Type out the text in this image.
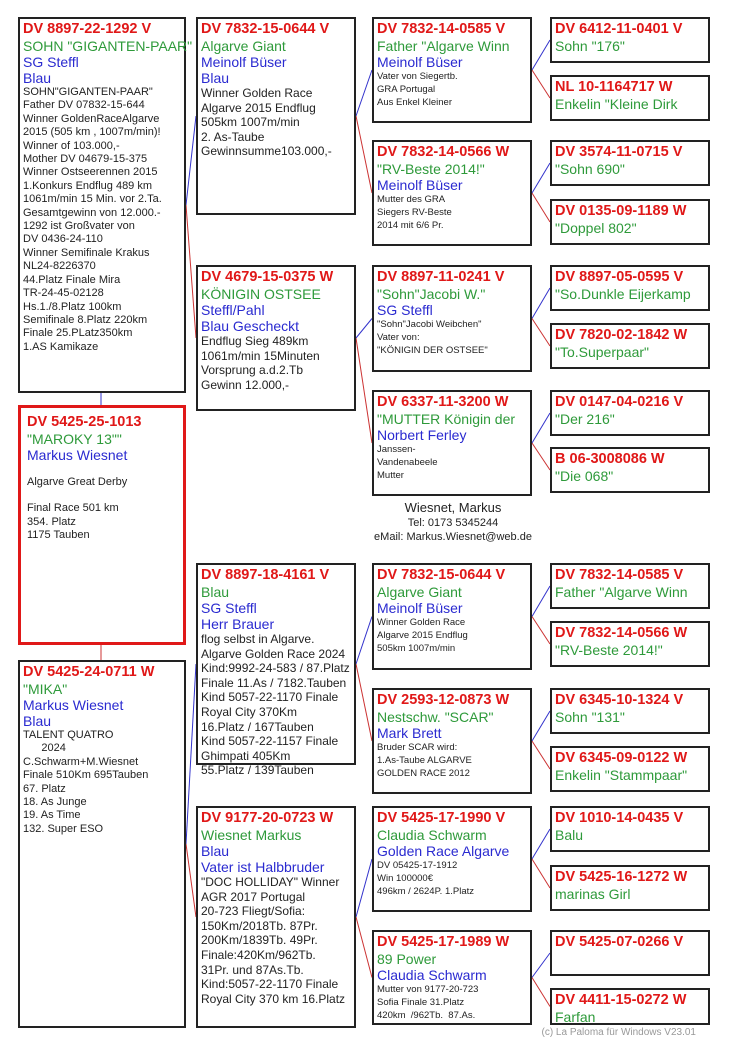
DV 5425-25-1013
"MAROKY 13""
Markus Wiesnet
Algarve Great Derby
Final Race 501 km
354. Platz
1175 Tauben
DV 8897-22-1292 V
SOHN "GIGANTEN-PAAR"
SG Steffl
Blau
SOHN"GIGANTEN-PAAR"
Father DV 07832-15-644
Winner GoldenRaceAlgarve
2015 (505 km , 1007m/min)!
Winner of 103.000,-
Mother DV 04679-15-375
Winner Ostseerennen 2015
1.Konkurs Endflug 489 km
1061m/min 15 Min. vor 2.Ta.
Gesamtgewinn von 12.000.-
1292 ist Großvater von
DV 0436-24-110
Winner Semifinale Krakus
NL24-8226370
44.Platz Finale Mira
TR-24-45-02128
Hs.1./8.Platz 100km
Semifinale 8.Platz 220km
Finale 25.PLatz350km
1.AS Kamikaze
DV 5425-24-0711 W
"MIKA"
Markus Wiesnet
Blau
TALENT QUATRO
2024
C.Schwarm+M.Wiesnet
Finale 510Km 695Tauben
67. Platz
18. As Junge
19. As Time
132. Super ESO
DV 7832-15-0644 V
Algarve Giant
Meinolf Büser
Blau
Winner Golden Race
Algarve 2015 Endflug
505km 1007m/min
2. As-Taube
Gewinnsumme103.000,-
DV 4679-15-0375 W
KÖNIGIN OSTSEE
Steffl/Pahl
Blau Gescheckt
Endflug Sieg 489km
1061m/min 15Minuten
Vorsprung a.d.2.Tb
Gewinn 12.000,-
DV 8897-18-4161 V
Blau
SG Steffl
Herr Brauer
flog selbst in Algarve.
Algarve Golden Race 2024
Kind:9992-24-583 / 87.Platz
Finale 11.As / 7182.Tauben
Kind 5057-22-1170 Finale
Royal City 370Km
16.Platz / 167Tauben
Kind 5057-22-1157 Finale
Ghimpati 405Km
55.Platz / 139Tauben
DV 9177-20-0723 W
Wiesnet Markus
Blau
Vater ist Halbbruder
"DOC HOLLIDAY" Winner
AGR 2017 Portugal
20-723 Fliegt/Sofia:
150Km/2018Tb. 87Pr.
200Km/1839Tb. 49Pr.
Finale:420Km/962Tb.
31Pr. und 87As.Tb.
Kind:5057-22-1170 Finale
Royal City 370 km 16.Platz
DV 7832-14-0585 V
Father "Algarve Winn
Meinolf Büser
Vater von Siegertb.
GRA Portugal
Aus Enkel Kleiner
DV 7832-14-0566 W
"RV-Beste 2014!"
Meinolf Büser
Mutter des GRA
Siegers RV-Beste
2014 mit 6/6 Pr.
DV 8897-11-0241 V
"Sohn"Jacobi W."
SG Steffl
"Sohn"Jacobi Weibchen"
Vater von:
"KÖNIGIN DER OSTSEE"
DV 6337-11-3200 W
"MUTTER Königin der
Norbert Ferley
Janssen-
Vandenabeele
Mutter
DV 7832-15-0644 V
Algarve Giant
Meinolf Büser
Winner Golden Race
Algarve 2015 Endflug
505km 1007m/min
DV 2593-12-0873 W
Nestschw. "SCAR"
Mark Brett
Bruder SCAR wird:
1.As-Taube ALGARVE
GOLDEN RACE 2012
DV 5425-17-1990 V
Claudia Schwarm
Golden Race Algarve
DV 05425-17-1912
Win 100000€
496km / 2624P. 1.Platz
DV 5425-17-1989 W
89 Power
Claudia Schwarm
Mutter von 9177-20-723
Sofia Finale 31.Platz
420km  /962Tb.  87.As.
DV 6412-11-0401 V
Sohn "176"
NL 10-1164717 W
Enkelin "Kleine Dirk
DV 3574-11-0715 V
"Sohn 690"
DV 0135-09-1189 W
"Doppel 802"
DV 8897-05-0595 V
"So.Dunkle Eijerkamp
DV 7820-02-1842 W
"To.Superpaar"
DV 0147-04-0216 V
"Der 216"
B 06-3008086 W
"Die 068"
DV 7832-14-0585 V
Father "Algarve Winn
DV 7832-14-0566 W
"RV-Beste 2014!"
DV 6345-10-1324 V
Sohn "131"
DV 6345-09-0122 W
Enkelin "Stammpaar"
DV 1010-14-0435 V
Balu
DV 5425-16-1272 W
marinas Girl
DV 5425-07-0266 V
DV 4411-15-0272 W
Farfan
Wiesnet, Markus
Tel: 0173 5345244
eMail: Markus.Wiesnet@web.de
(c) La Paloma für Windows V23.01
